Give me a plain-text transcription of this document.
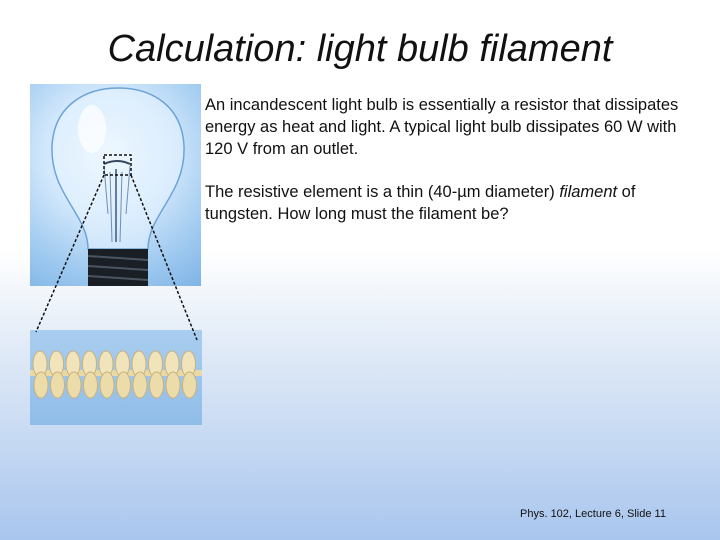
Calculation: light bulb filament

An incandescent light bulb is essentially a resistor that dissipates energy as heat and light. A typical light bulb dissipates 60 W with 120 V from an outlet.

The resistive element is a thin (40-µm diameter) filament of tungsten. How long must the filament be?

Phys. 102, Lecture 6, Slide 11
